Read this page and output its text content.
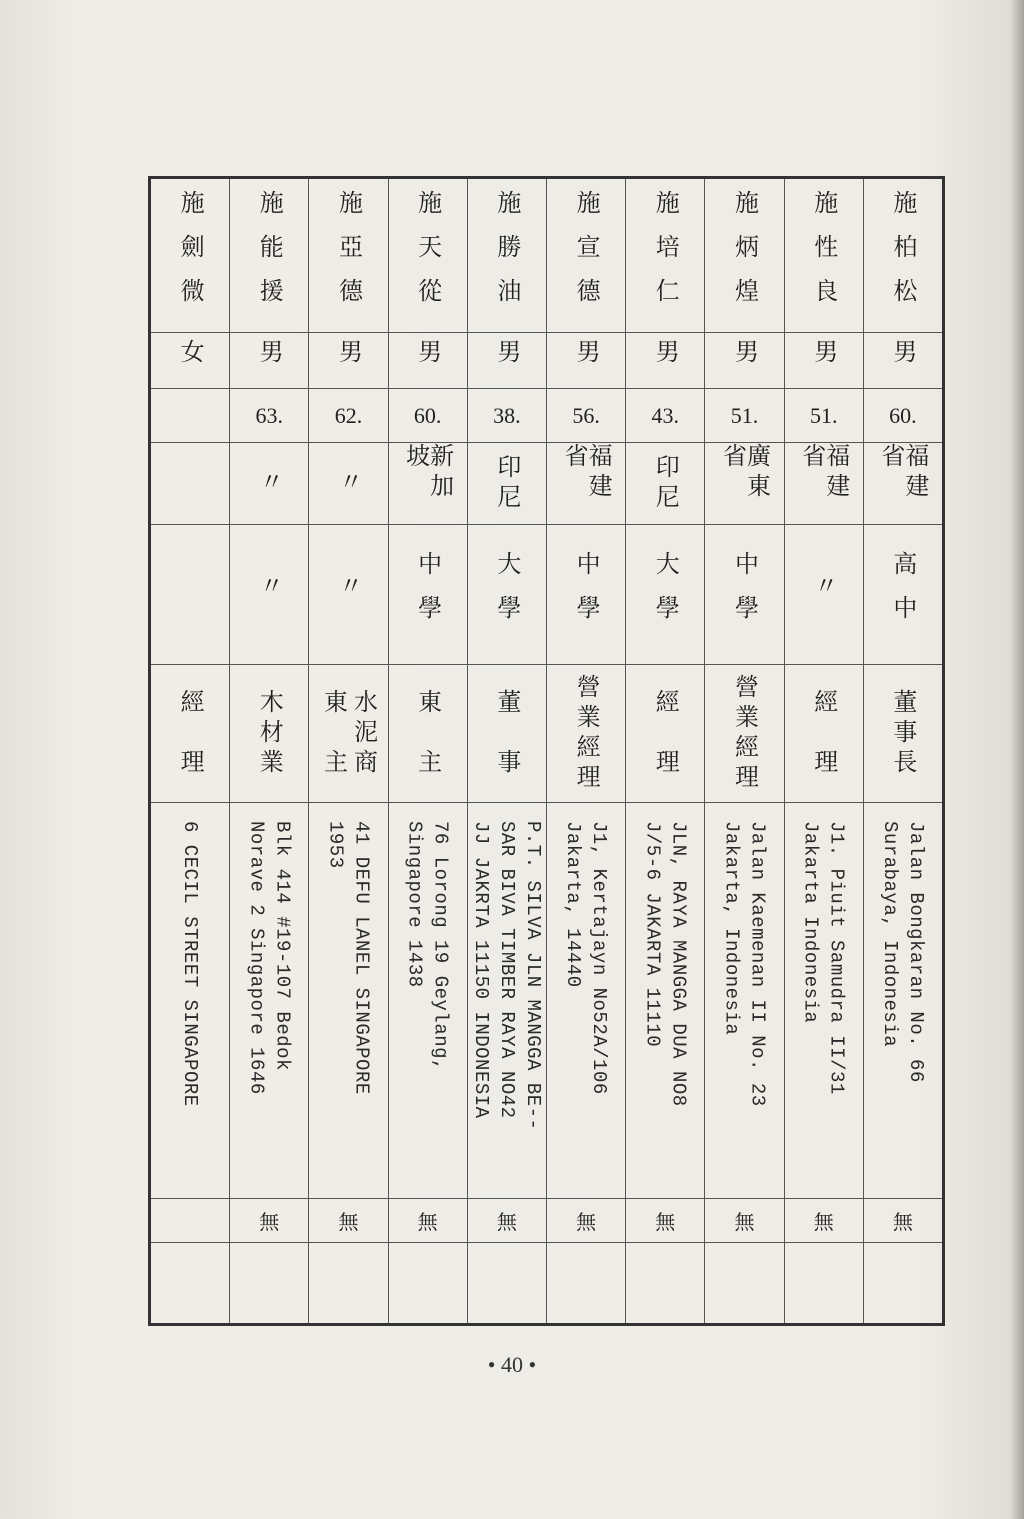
施柏松
男
60.
福建省
高中
董事長
Jalan Bongkaran No. 66
Surabaya, Indonesia
無
施性良
男
51.
福建省
〃
經　理
J1. Piuit Samudra II/31
Jakarta Indonesia
無
施炳煌
男
51.
廣東省
中學
營業經理
Jalan Kaemenan II No. 23
Jakarta, Indonesia
無
施培仁
男
43.
印尼
大學
經　理
JLN, RAYA MANGGA DUA NO8
J/5-6 JAKARTA 11110
無
施宣德
男
56.
福建省
中學
營業經理
J1, Kertajayn No52A/106
Jakarta, 14440
無
施勝油
男
38.
印尼
大學
董　事
P.T. SILVA JLN MANGGA BE--
SAR BIVA TIMBER RAYA NO42
JJ JAKRTA 11150 INDONESIA
無
施天從
男
60.
新加坡
中學
東　主
76 Lorong 19 Geylang,
Singapore 1438
無
施亞德
男
62.
〃
〃
水泥商
東　主
41 DEFU LANEL SINGAPORE
1953
無
施能援
男
63.
〃
〃
木材業
Blk 414 #19-107 Bedok
Norave 2 Singapore 1646
無
施劍微
女
經　理
6 CECIL STREET SINGAPORE
• 40 •
